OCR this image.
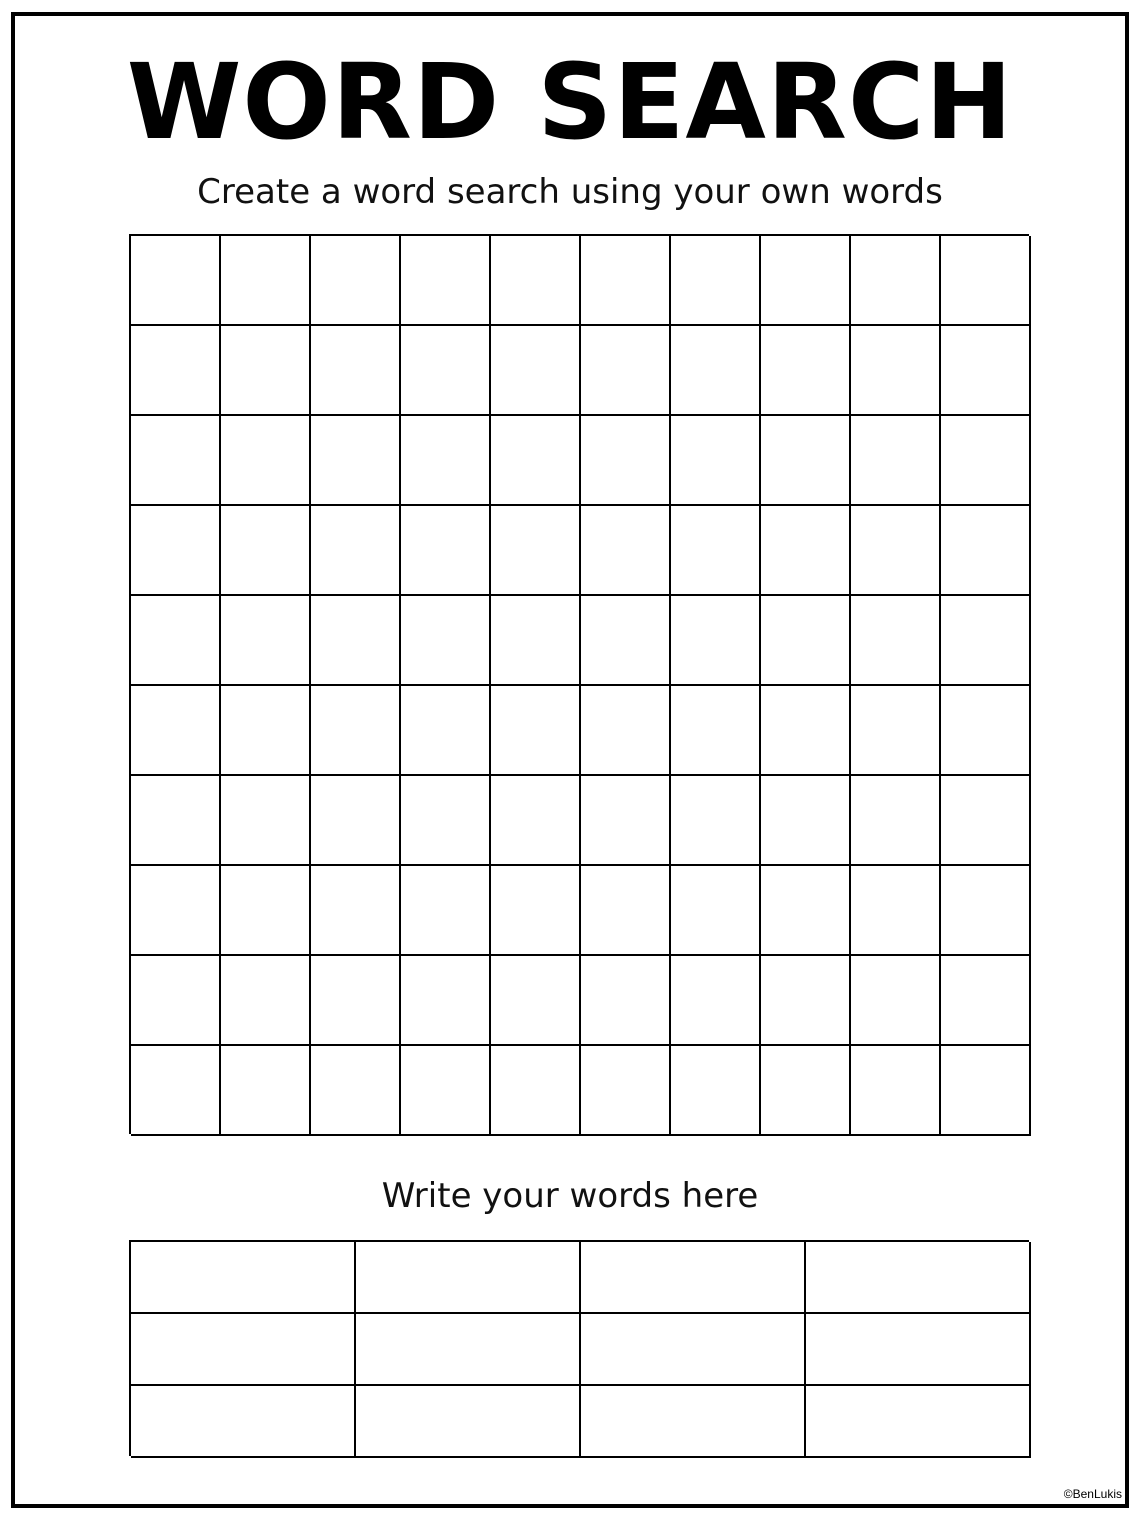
WORD SEARCH

Create a word search using your own words

Write your words here

©BenLukis
